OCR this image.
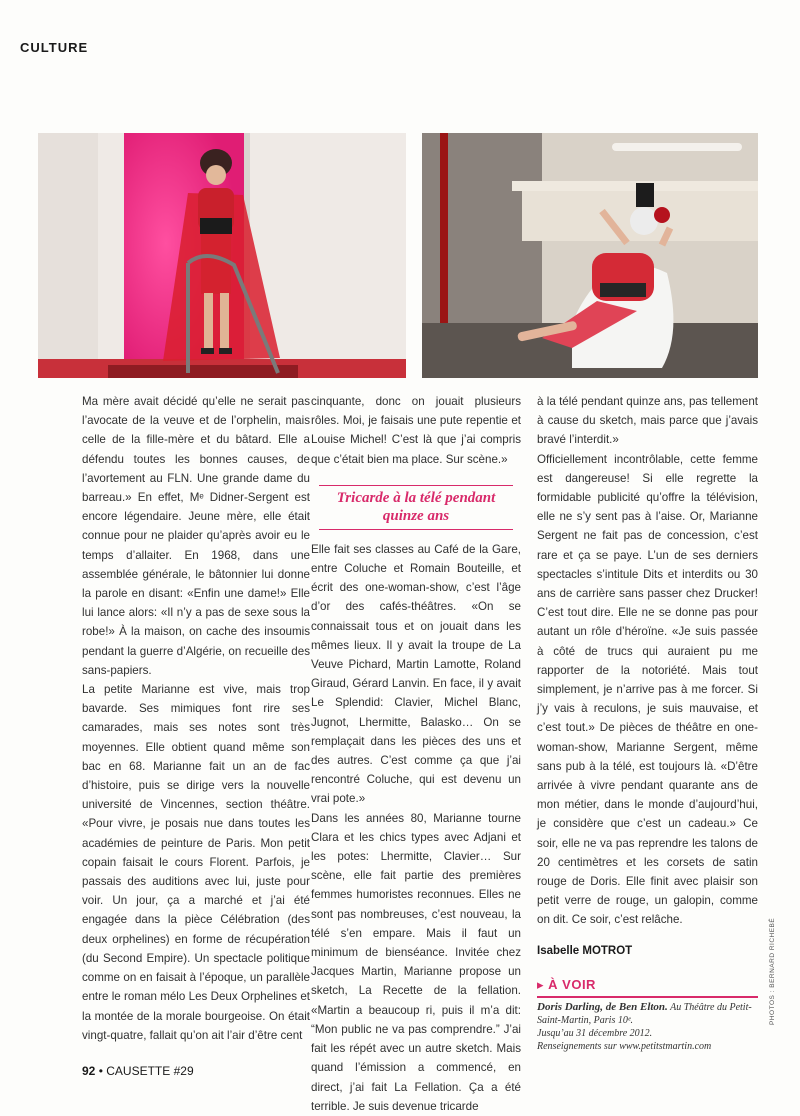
CULTURE

Ma mère avait décidé qu’elle ne serait pas l’avocate de la veuve et de l’orphelin, mais celle de la fille-mère et du bâtard. Elle a défendu toutes les bonnes causes, de l’avortement au FLN. Une grande dame du barreau.» En effet, Mᵉ Didner-Sergent est encore légendaire. Jeune mère, elle était connue pour ne plaider qu’après avoir eu le temps d’allaiter. En 1968, dans une assemblée générale, le bâtonnier lui donne la parole en disant: «Enfin une dame!» Elle lui lance alors: «Il n’y a pas de sexe sous la robe!» À la maison, on cache des insoumis pendant la guerre d’Algérie, on recueille des sans-papiers.

La petite Marianne est vive, mais trop bavarde. Ses mimiques font rire ses camarades, mais ses notes sont très moyennes. Elle obtient quand même son bac en 68. Marianne fait un an de fac d’histoire, puis se dirige vers la nouvelle université de Vincennes, section théâtre. «Pour vivre, je posais nue dans toutes les académies de peinture de Paris. Mon petit copain faisait le cours Florent. Parfois, je passais des auditions avec lui, juste pour voir. Un jour, ça a marché et j’ai été engagée dans la pièce Célébration (des deux orphelines) en forme de récupération (du Second Empire). Un spectacle politique comme on en faisait à l’époque, un parallèle entre le roman mélo Les Deux Orphelines et la montée de la morale bourgeoise. On était vingt-quatre, fallait qu’on ait l’air d’être cent

cinquante, donc on jouait plusieurs rôles. Moi, je faisais une pute repentie et Louise Michel! C’est là que j’ai compris que c’était bien ma place. Sur scène.»

Tricarde à la télé pendant quinze ans

Elle fait ses classes au Café de la Gare, entre Coluche et Romain Bouteille, et écrit des one-woman-show, c’est l’âge d’or des cafés-théâtres. «On se connaissait tous et on jouait dans les mêmes lieux. Il y avait la troupe de La Veuve Pichard, Martin Lamotte, Roland Giraud, Gérard Lanvin. En face, il y avait Le Splendid: Clavier, Michel Blanc, Jugnot, Lhermitte, Balasko… On se remplaçait dans les pièces des uns et des autres. C’est comme ça que j’ai rencontré Coluche, qui est devenu un vrai pote.»

Dans les années 80, Marianne tourne Clara et les chics types avec Adjani et les potes: Lhermitte, Clavier… Sur scène, elle fait partie des premières femmes humoristes reconnues. Elles ne sont pas nombreuses, c’est nouveau, la télé s’en empare. Mais il faut un minimum de bienséance. Invitée chez Jacques Martin, Marianne propose un sketch, La Recette de la fellation. «Martin a beaucoup ri, puis il m’a dit: “Mon public ne va pas comprendre.” J’ai fait les répét avec un autre sketch. Mais quand l’émission a commencé, en direct, j’ai fait La Fellation. Ça a été terrible. Je suis devenue tricarde

à la télé pendant quinze ans, pas tellement à cause du sketch, mais parce que j’avais bravé l’interdit.»

Officiellement incontrôlable, cette femme est dangereuse! Si elle regrette la formidable publicité qu’offre la télévision, elle ne s’y sent pas à l’aise. Or, Marianne Sergent ne fait pas de concession, c’est rare et ça se paye. L’un de ses derniers spectacles s’intitule Dits et interdits ou 30 ans de carrière sans passer chez Drucker! C’est tout dire. Elle ne se donne pas pour autant un rôle d’héroïne. «Je suis passée à côté de trucs qui auraient pu me rapporter de la notoriété. Mais tout simplement, je n’arrive pas à me forcer. Si j’y vais à reculons, je suis mauvaise, et c’est tout.» De pièces de théâtre en one-woman-show, Marianne Sergent, même sans pub à la télé, est toujours là. «D’être arrivée à vivre pendant quarante ans de mon métier, dans le monde d’aujourd’hui, je considère que c’est un cadeau.» Ce soir, elle ne va pas reprendre les talons de 20 centimètres et les corsets de satin rouge de Doris. Elle finit avec plaisir son petit verre de rouge, un galopin, comme on dit. Ce soir, c’est relâche.

Isabelle MOTROT
▸ À VOIR
Doris Darling, de Ben Elton. Au Théâtre du Petit-Saint-Martin, Paris 10ᵉ.
Jusqu’au 31 décembre 2012.
Renseignements sur www.petitstmartin.com
PHOTOS : BERNARD RICHEBÉ
92 • CAUSETTE #29
